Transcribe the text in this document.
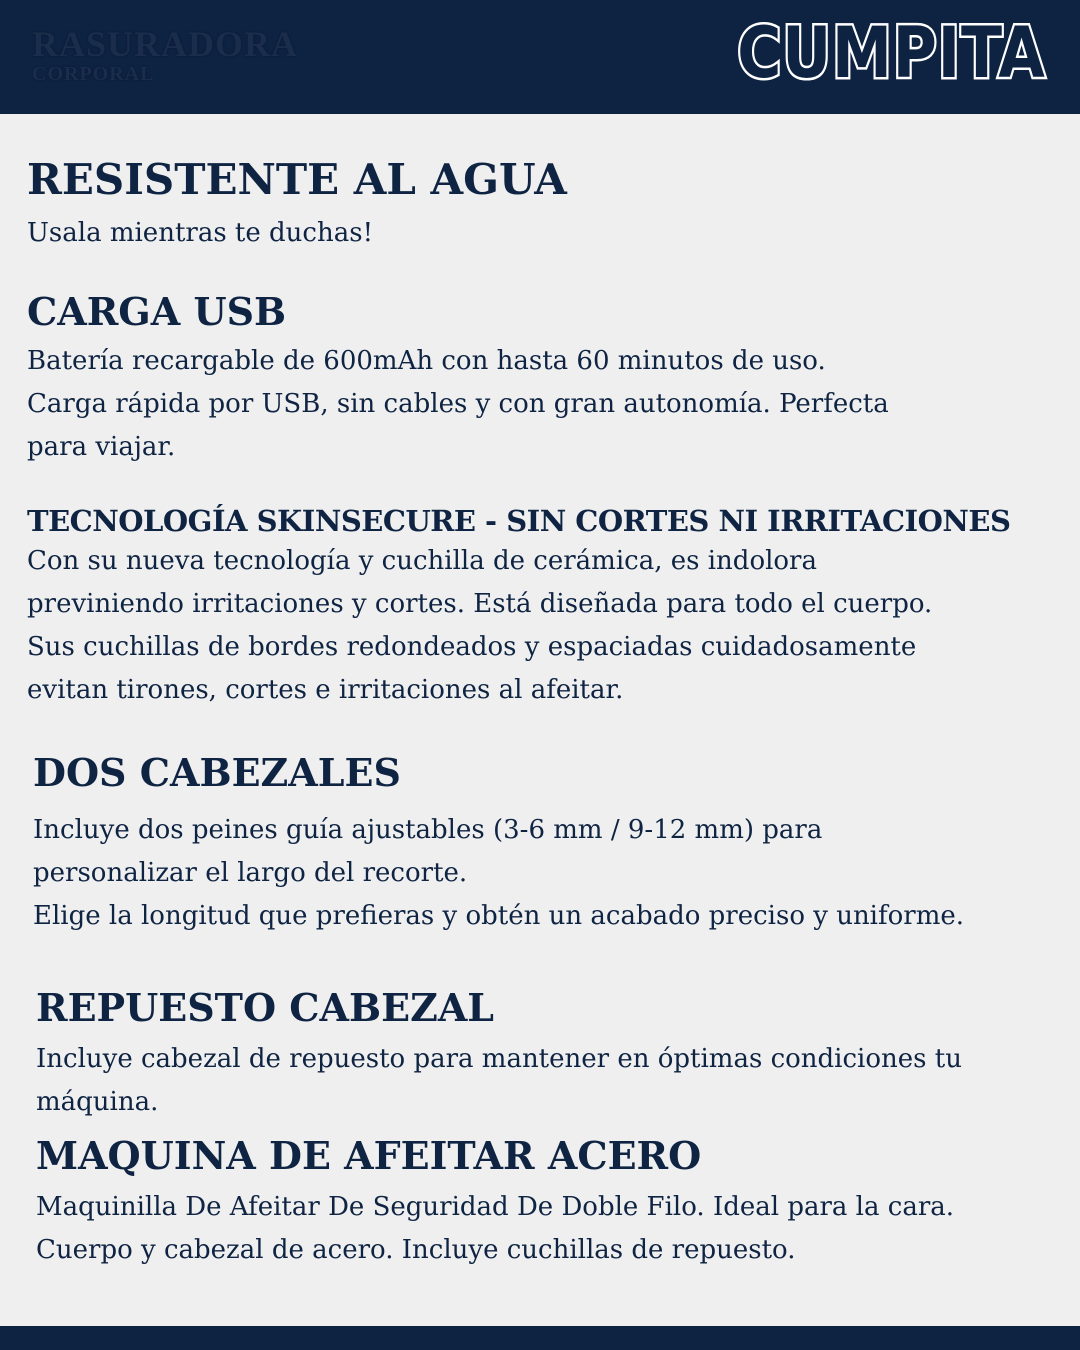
RASURADORA
CORPORAL	CUMPITA
RESISTENTE AL AGUA

Usala mientras te duchas!

CARGA USB

Batería recargable de 600mAh con hasta 60 minutos de uso.
Carga rápida por USB, sin cables y con gran autonomía. Perfecta
para viajar.

TECNOLOGÍA SKINSECURE - SIN CORTES NI IRRITACIONES

Con su nueva tecnología y cuchilla de cerámica, es indolora
previniendo irritaciones y cortes. Está diseñada para todo el cuerpo.
Sus cuchillas de bordes redondeados y espaciadas cuidadosamente
evitan tirones, cortes e irritaciones al afeitar.

DOS CABEZALES

Incluye dos peines guía ajustables (3-6 mm / 9-12 mm) para
personalizar el largo del recorte.
Elige la longitud que prefieras y obtén un acabado preciso y uniforme.

REPUESTO CABEZAL

Incluye cabezal de repuesto para mantener en óptimas condiciones tu
máquina.

MAQUINA DE AFEITAR ACERO

Maquinilla De Afeitar De Seguridad De Doble Filo. Ideal para la cara.
Cuerpo y cabezal de acero. Incluye cuchillas de repuesto.
